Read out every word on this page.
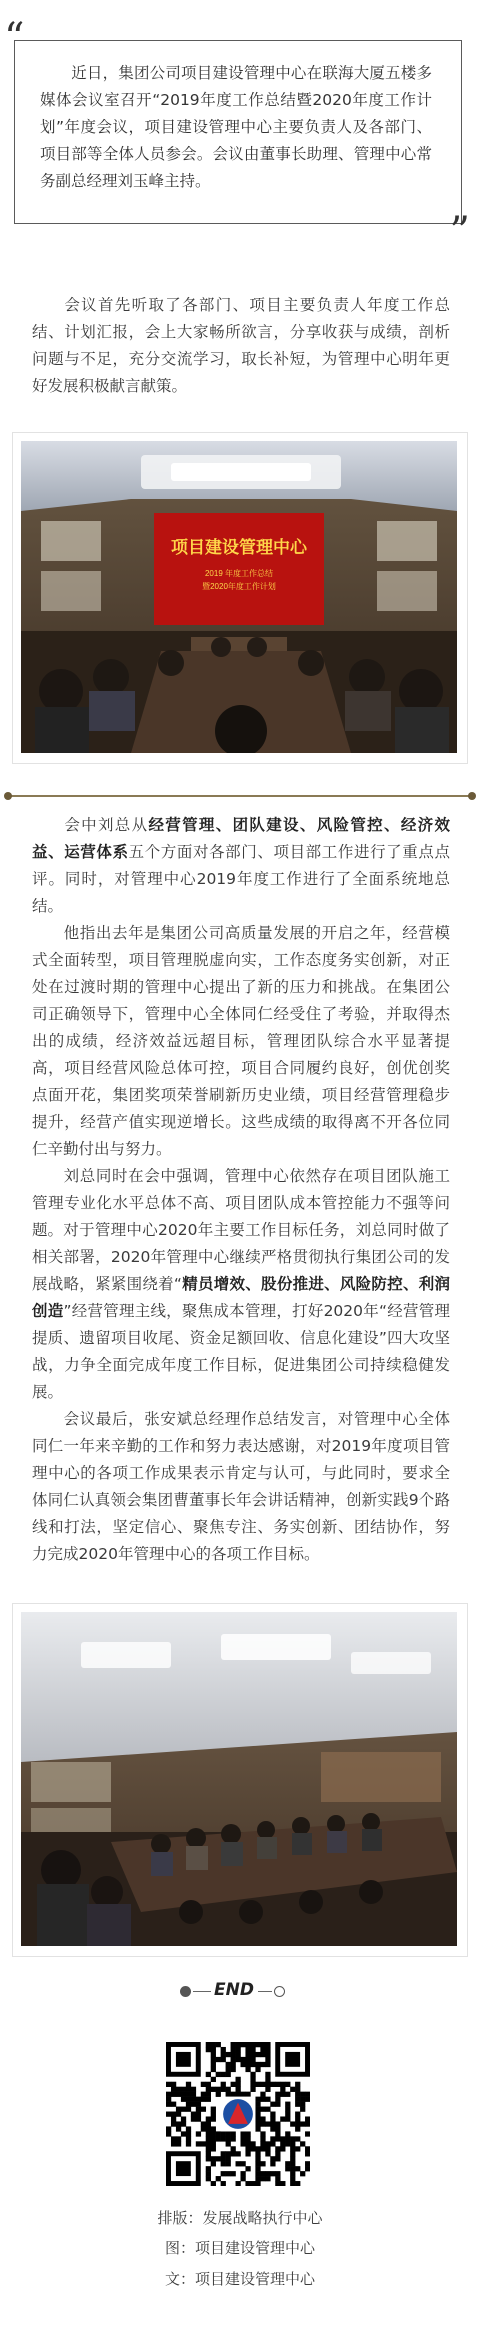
“
”
近日，集团公司项目建设管理中心在联海大厦五楼多媒体会议室召开“2019年度工作总结暨2020年度工作计划”年度会议，项目建设管理中心主要负责人及各部门、项目部等全体人员参会。会议由董事长助理、管理中心常务副总经理刘玉峰主持。
会议首先听取了各部门、项目主要负责人年度工作总结、计划汇报，会上大家畅所欲言，分享收获与成绩，剖析问题与不足，充分交流学习，取长补短，为管理中心明年更好发展积极献言献策。
项目建设管理中心
2019 年度工作总结
暨2020年度工作计划
会中刘总从经营管理、团队建设、风险管控、经济效益、运营体系五个方面对各部门、项目部工作进行了重点点评。同时，对管理中心2019年度工作进行了全面系统地总结。
他指出去年是集团公司高质量发展的开启之年，经营模式全面转型，项目管理脱虚向实，工作态度务实创新，对正处在过渡时期的管理中心提出了新的压力和挑战。在集团公司正确领导下，管理中心全体同仁经受住了考验，并取得杰出的成绩，经济效益远超目标，管理团队综合水平显著提高，项目经营风险总体可控，项目合同履约良好，创优创奖点面开花，集团奖项荣誉刷新历史业绩，项目经营管理稳步提升，经营产值实现逆增长。这些成绩的取得离不开各位同仁辛勤付出与努力。
刘总同时在会中强调，管理中心依然存在项目团队施工管理专业化水平总体不高、项目团队成本管控能力不强等问题。 对于管理中心2020年主要工作目标任务，刘总同时做了相关部署，2020年管理中心继续严格贯彻执行集团公司的发展战略，紧紧围绕着“精员增效、股份推进、风险防控、利润创造”经营管理主线，聚焦成本管理，打好2020年“经营管理提质、遗留项目收尾、资金足额回收、信息化建设”四大攻坚战，力争全面完成年度工作目标，促进集团公司持续稳健发展。
会议最后，张安斌总经理作总结发言，对管理中心全体同仁一年来辛勤的工作和努力表达感谢，对2019年度项目管理中心的各项工作成果表示肯定与认可，与此同时，要求全体同仁认真领会集团曹董事长年会讲话精神，创新实践9个路线和打法，坚定信心、聚焦专注、务实创新、团结协作，努力完成2020年管理中心的各项工作目标。
END
排版：发展战略执行中心
图：项目建设管理中心
文：项目建设管理中心
